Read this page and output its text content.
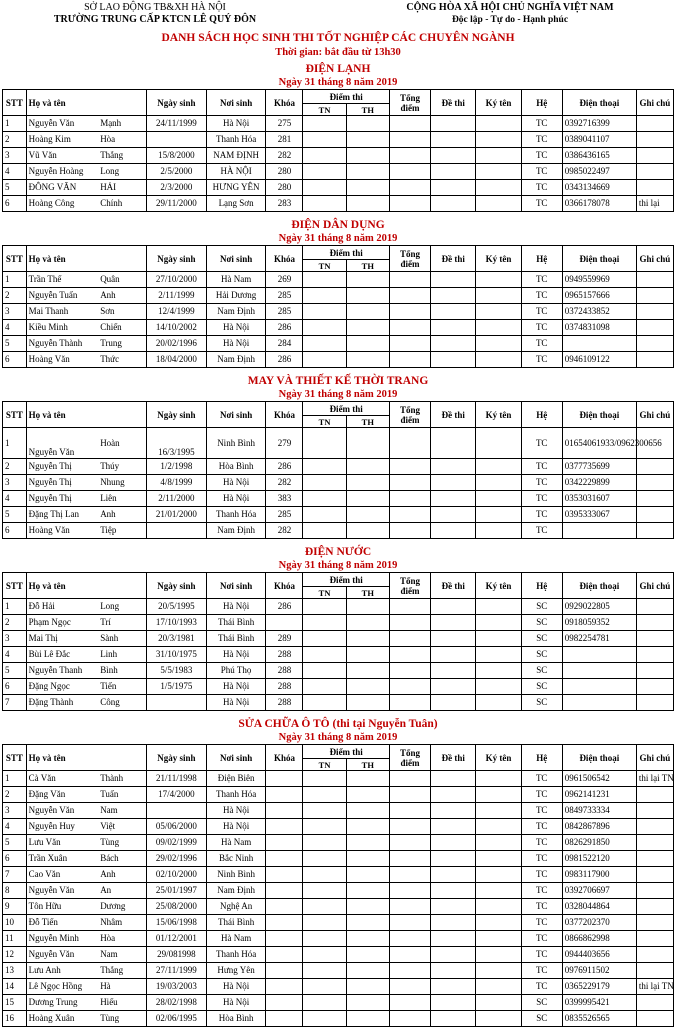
SỞ LAO ĐỘNG TB&XH HÀ NỘI
TRƯỜNG TRUNG CẤP KTCN LÊ QUÝ ĐÔN
CỘNG HÒA XÃ HỘI CHỦ NGHĨA VIỆT NAM
Độc lập - Tự do - Hạnh phúc
DANH SÁCH HỌC SINH THI TỐT NGHIỆP CÁC CHUYÊN NGÀNH
Thời gian: bắt đầu từ 13h30
ĐIỆN LẠNH
Ngày 31 tháng 8 năm 2019
STT	Họ và tên		Ngày sinh	Nơi sinh	Khóa	Điểm thi		Tổng điểm	Đề thi	Ký tên	Hệ	Điện thoại	Ghi chú
						TN	TH						
1	Nguyễn Văn	Mạnh	24/11/1999	Hà Nội	275						TC	0392716399	
2	Hoàng Kim	Hòa		Thanh Hóa	281						TC	0389041107	
3	Vũ Văn	Thắng	15/8/2000	NAM ĐỊNH	282						TC	0386436165	
4	Nguyễn Hoàng	Long	2/5/2000	HÀ NỘI	280						TC	0985022497	
5	ĐÔNG VĂN	HẢI	2/3/2000	HƯNG YÊN	280						TC	0343134669	
6	Hoàng Công	Chính	29/11/2000	Lạng Sơn	283						TC	0366178078	thi lại
ĐIỆN DÂN DỤNG
Ngày 31 tháng 8 năm 2019
STT	Họ và tên		Ngày sinh	Nơi sinh	Khóa	Điểm thi		Tổng điểm	Đề thi	Ký tên	Hệ	Điện thoại	Ghi chú
						TN	TH						
1	Trần Thế	Quân	27/10/2000	Hà Nam	269						TC	0949559969	
2	Nguyễn Tuấn	Anh	2/11/1999	Hải Dương	285						TC	0965157666	
3	Mai Thanh	Sơn	12/4/1999	Nam Định	285						TC	0372433852	
4	Kiều Minh	Chiến	14/10/2002	Hà Nội	286						TC	0374831098	
5	Nguyễn Thành	Trung	20/02/1996	Hà Nội	284						TC		
6	Hoàng Văn	Thức	18/04/2000	Nam Định	286						TC	0946109122	
MAY VÀ THIẾT KẾ THỜI TRANG
Ngày 31 tháng 8 năm 2019
STT	Họ và tên		Ngày sinh	Nơi sinh	Khóa	Điểm thi		Tổng điểm	Đề thi	Ký tên	Hệ	Điện thoại	Ghi chú
						TN	TH						
1	Nguyễn Văn	Hoàn	16/3/1995	Ninh Bình	279						TC	01654061933/0962300656	
2	Nguyễn Thị	Thúy	1/2/1998	Hòa Bình	286						TC	0377735699	
3	Nguyễn Thị	Nhung	4/8/1999	Hà Nội	282						TC	0342229899	
4	Nguyễn Thị	Liên	2/11/2000	Hà Nội	383						TC	0353031607	
5	Đặng Thị Lan	Anh	21/01/2000	Thanh Hóa	285						TC	0395333067	
6	Hoàng Văn	Tiệp		Nam Định	282						TC		
ĐIỆN NƯỚC
Ngày 31 tháng 8 năm 2019
STT	Họ và tên		Ngày sinh	Nơi sinh	Khóa	Điểm thi		Tổng điểm	Đề thi	Ký tên	Hệ	Điện thoại	Ghi chú
						TN	TH						
1	Đỗ Hải	Long	20/5/1995	Hà Nội	286						SC	0929022805	
2	Phạm Ngọc	Trí	17/10/1993	Thái Bình							SC	0918059352	
3	Mai Thị	Sành	20/3/1981	Thái Bình	289						SC	0982254781	
4	Bùi Lê Đắc	Linh	31/10/1975	Hà Nội	288						SC		
5	Nguyễn Thanh	Bình	5/5/1983	Phú Thọ	288						SC		
6	Đặng Ngọc	Tiến	1/5/1975	Hà Nội	288						SC		
7	Đặng Thành	Công		Hà Nội	288						SC		
SỬA CHỮA Ô TÔ (thi tại Nguyễn Tuân)
Ngày 31 tháng 8 năm 2019
STT	Họ và tên		Ngày sinh	Nơi sinh	Khóa	Điểm thi		Tổng điểm	Đề thi	Ký tên	Hệ	Điện thoại	Ghi chú
						TN	TH						
1	Cà Văn	Thành	21/11/1998	Điện Biên							TC	0961506542	thi lại TN
2	Đặng Văn	Tuấn	17/4/2000	Thanh Hóa							TC	0962141231	
3	Nguyễn Văn	Nam		Hà Nội							TC	0849733334	
4	Nguyễn Huy	Việt	05/06/2000	Hà Nội							TC	0842867896	
5	Lưu Văn	Tùng	09/02/1999	Hà Nam							TC	0826291850	
6	Trần Xuân	Bách	29/02/1996	Bắc Ninh							TC	0981522120	
7	Cao Văn	Anh	02/10/2000	Ninh Bình							TC	0983117900	
8	Nguyễn Văn	An	25/01/1997	Nam Định							TC	0392706697	
9	Tôn Hữu	Dương	25/08/2000	Nghệ An							TC	0328044864	
10	Đỗ Tiến	Nhâm	15/06/1998	Thái Bình							TC	0377202370	
11	Nguyễn Minh	Hòa	01/12/2001	Hà Nam							TC	0866862998	
12	Nguyễn Văn	Nam	29/081998	Thanh Hóa							TC	0944403656	
13	Lưu Anh	Thắng	27/11/1999	Hưng Yên							TC	0976911502	
14	Lê Ngọc Hồng	Hà	19/03/2003	Hà Nội							TC	0365229179	thi lại TN
15	Dương Trung	Hiếu	28/02/1998	Hà Nội							SC	0399995421	
16	Hoàng Xuân	Tùng	02/06/1995	Hòa Bình							SC	0835526565	
